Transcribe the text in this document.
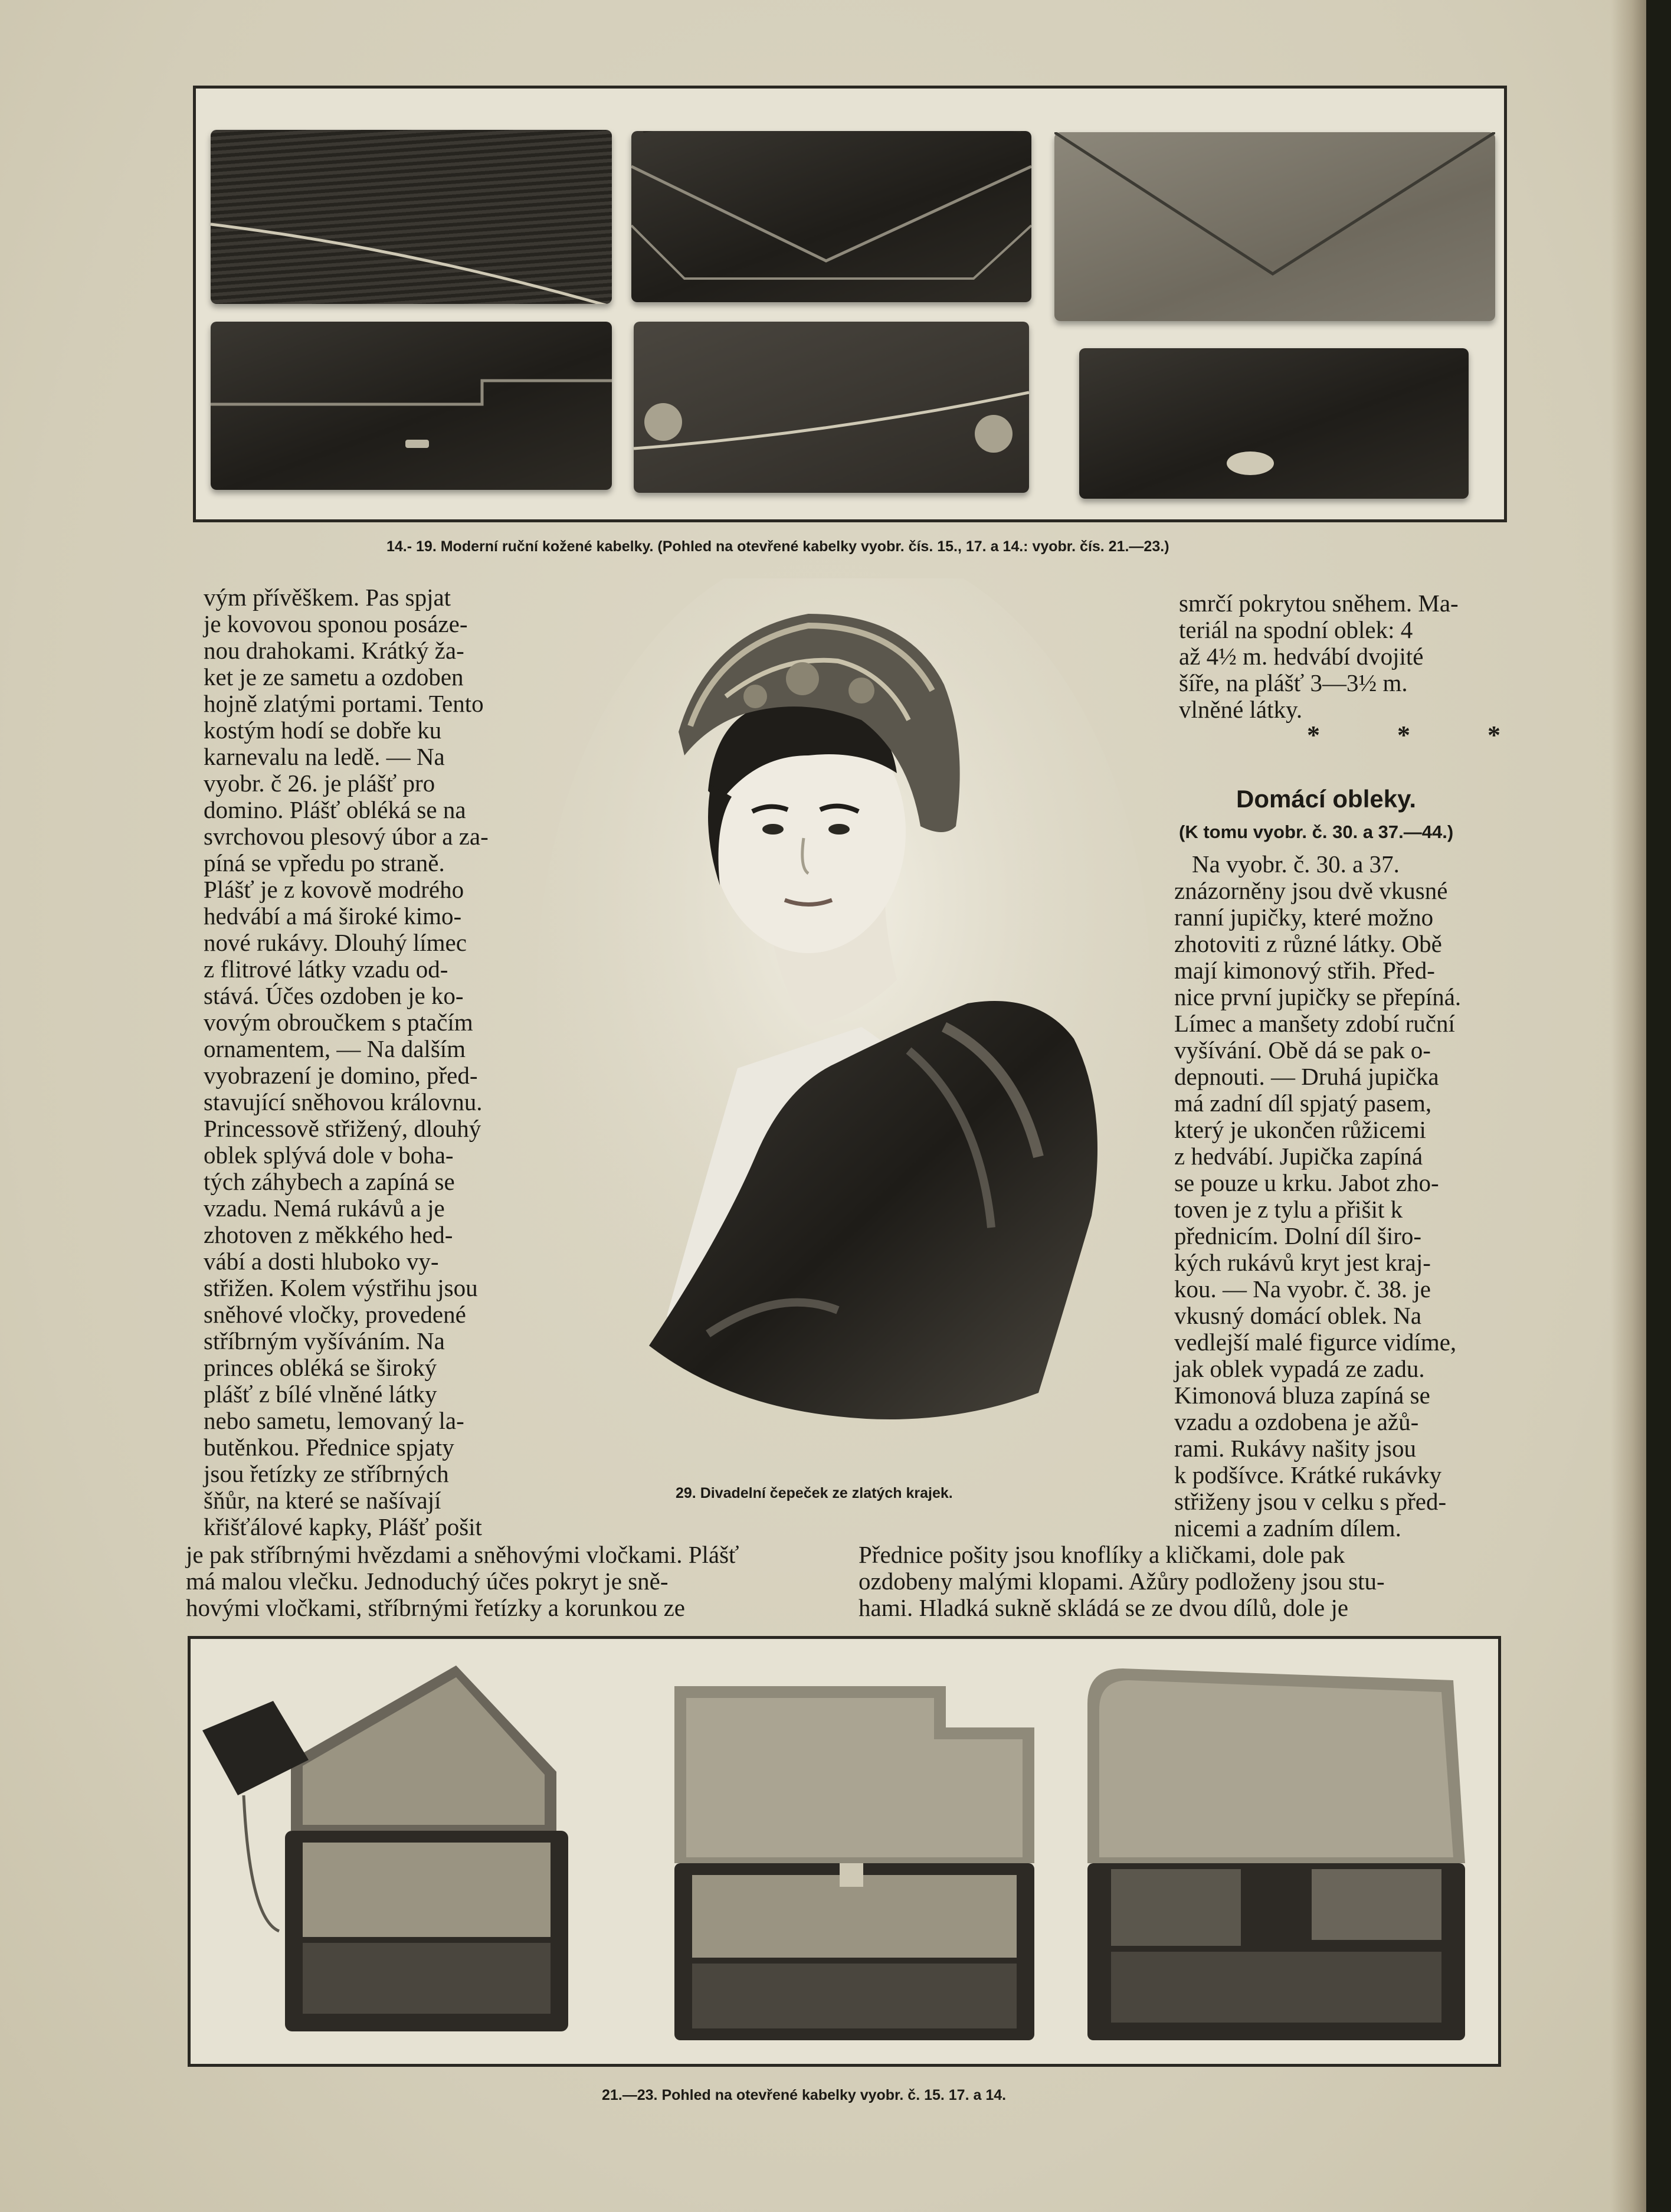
14.- 19. Moderní ruční kožené kabelky. (Pohled na otevřené kabelky vyobr. čís. 15., 17. a 14.: vyobr. čís. 21.—23.)

vým přívěškem. Pas spjat

je kovovou sponou posáze-

nou drahokami. Krátký ža-

ket je ze sametu a ozdoben

hojně zlatými portami. Tento

kostým hodí se dobře ku

karnevalu na ledě. — Na

vyobr. č 26. je plášť pro

domino. Plášť obléká se na

svrchovou plesový úbor a za-

píná se vpředu po straně.

Plášť je z kovově modrého

hedvábí a má široké kimo-

nové rukávy. Dlouhý límec

z flitrové látky vzadu od-

stává. Účes ozdoben je ko-

vovým obroučkem s ptačím

ornamentem, — Na dalším

vyobrazení je domino, před-

stavující sněhovou královnu.

Princessově střižený, dlouhý

oblek splývá dole v boha-

tých záhybech a zapíná se

vzadu. Nemá rukávů a je

zhotoven z měkkého hed-

vábí a dosti hluboko vy-

střižen. Kolem výstřihu jsou

sněhové vločky, provedené

stříbrným vyšíváním. Na

princes obléká se široký

plášť z bílé vlněné látky

nebo sametu, lemovaný la-

butěnkou. Přednice spjaty

jsou řetízky ze stříbrných

šňůr, na které se našívají

křišťálové kapky, Plášť pošit

29. Divadelní čepeček ze zlatých krajek.

smrčí pokrytou sněhem. Ma-

teriál na spodní oblek: 4

až 4½ m. hedvábí dvojité

šíře, na plášť 3—3½ m.

vlněné látky.

* * *
Domácí obleky.
(K tomu vyobr. č. 30. a 37.—44.)

Na vyobr. č. 30. a 37.

znázorněny jsou dvě vkusné

ranní jupičky, které možno

zhotoviti z různé látky. Obě

mají kimonový střih. Před-

nice první jupičky se přepíná.

Límec a manšety zdobí ruční

vyšívání. Obě dá se pak o-

depnouti. — Druhá jupička

má zadní díl spjatý pasem,

který je ukončen růžicemi

z hedvábí. Jupička zapíná

se pouze u krku. Jabot zho-

toven je z tylu a přišit k

přednicím. Dolní díl širo-

kých rukávů kryt jest kraj-

kou. — Na vyobr. č. 38. je

vkusný domácí oblek. Na

vedlejší malé figurce vidíme,

jak oblek vypadá ze zadu.

Kimonová bluza zapíná se

vzadu a ozdobena je ažů-

rami. Rukávy našity jsou

k podšívce. Krátké rukávky

střiženy jsou v celku s před-

nicemi a zadním dílem.

je pak stříbrnými hvězdami a sněhovými vločkami. Plášť

má malou vlečku. Jednoduchý účes pokryt je sně-

hovými vločkami, stříbrnými řetízky a korunkou ze

Přednice pošity jsou knoflíky a kličkami, dole pak

ozdobeny malými klopami. Ažůry podloženy jsou stu-

hami. Hladká sukně skládá se ze dvou dílů, dole je

21.—23. Pohled na otevřené kabelky vyobr. č. 15. 17. a 14.
